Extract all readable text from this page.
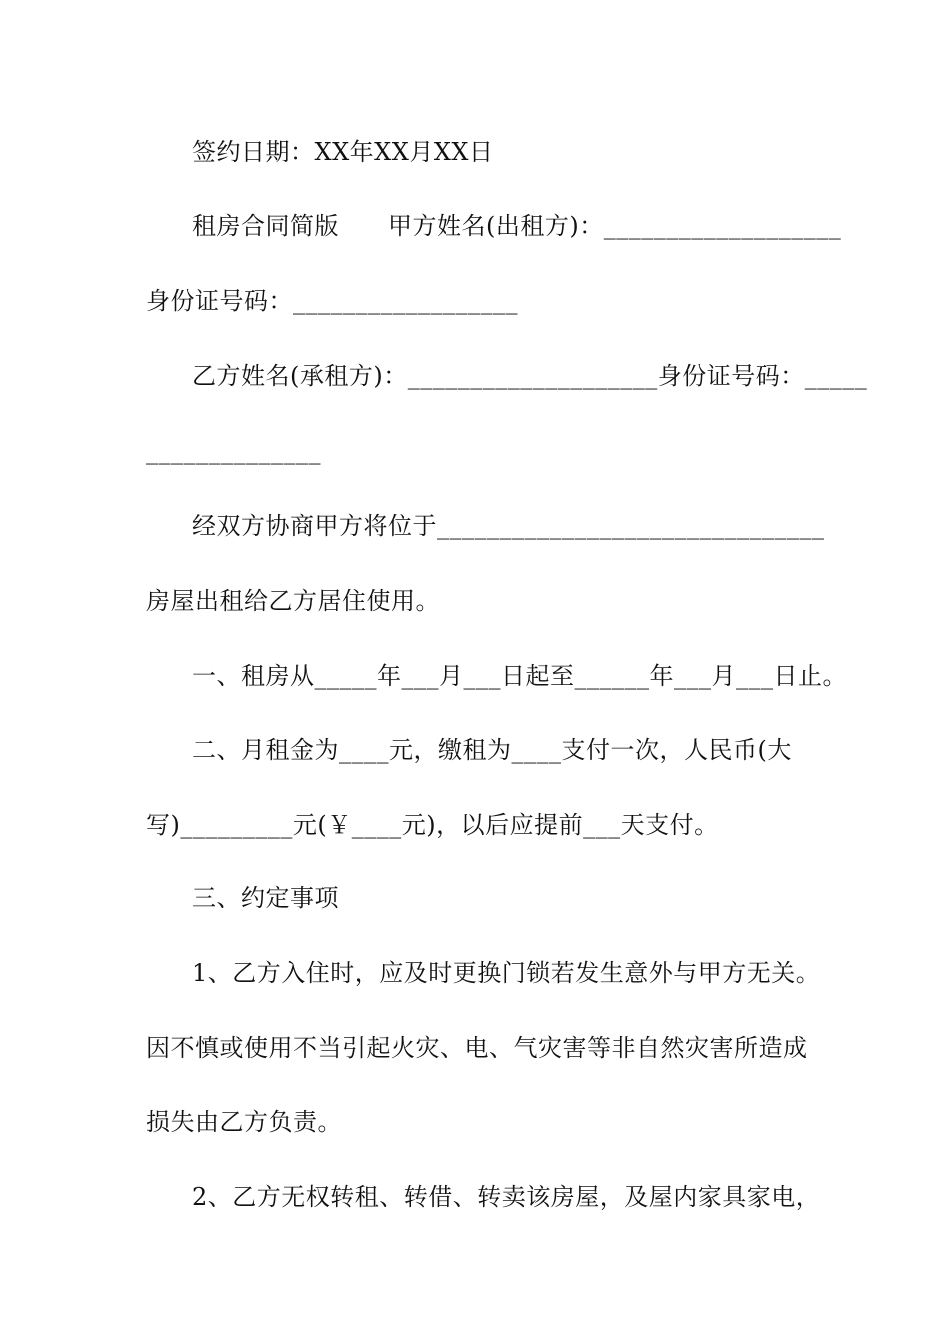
签约日期：XX年XX月XX日
租房合同简版　　甲方姓名(出租方)：___________________
身份证号码：__________________
乙方姓名(承租方)：____________________身份证号码：_____
______________
经双方协商甲方将位于_______________________________
房屋出租给乙方居住使用。
一、租房从_____年___月___日起至______年___月___日止。
二、月租金为____元，缴租为____支付一次，人民币(大
写)_________元(￥____元)，以后应提前___天支付。
三、约定事项
1、乙方入住时，应及时更换门锁若发生意外与甲方无关。
因不慎或使用不当引起火灾、电、气灾害等非自然灾害所造成
损失由乙方负责。
2、乙方无权转租、转借、转卖该房屋，及屋内家具家电，
